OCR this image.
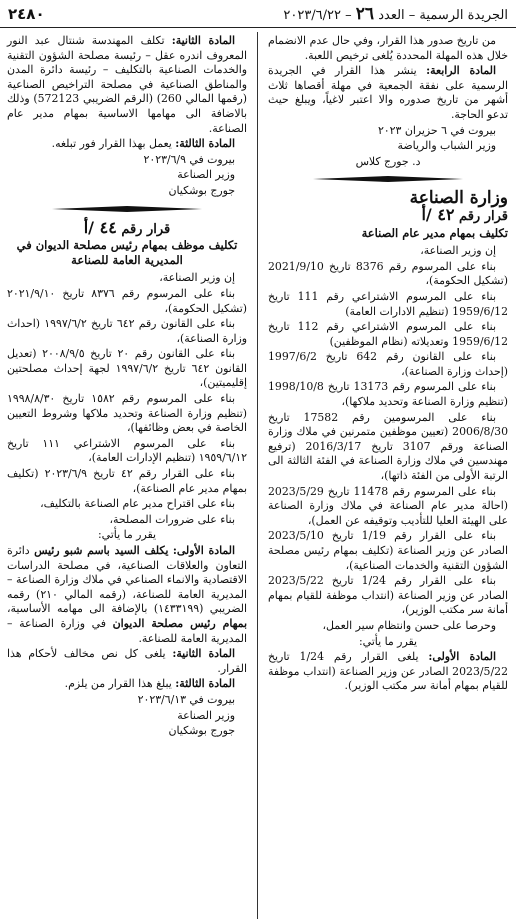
الجريدة الرسمية – العدد ٢٦ – ٢٠٢٣/٦/٢٢
٢٤٨٠

من تاريخ صدور هذا القرار، وفي حال عدم الانضمام خلال هذه المهلة المحددة يُلغى ترخيص اللعبة.

المادة الرابعة: ينشر هذا القرار في الجريدة الرسمية على نفقة الجمعية في مهلة أقصاها ثلاث أشهر من تاريخ صدوره والا اعتبر لاغياً، ويبلغ حيث تدعو الحاجة.

بيروت في ٦ حزيران ٢٠٢٣

وزير الشباب والرياضة

د. جورج كلاس

وزارة الصناعة
قرار رقم ٤٢ /أ
تكليف بمهام مدير عام الصناعة

إن وزير الصناعة،

بناء على المرسوم رقم 8376 تاريخ 2021/9/10 (تشكيل الحكومة)،

بناء على المرسوم الاشتراعي رقم 111 تاريخ 1959/6/12 (تنظيم الادارات العامة)

بناء على المرسوم الاشتراعي رقم 112 تاريخ 1959/6/12 وتعديلاته (نظام الموظفين)

بناء على القانون رقم 642 تاريخ 1997/6/2 (إحداث وزارة الصناعة)،

بناء على المرسوم رقم 13173 تاريخ 1998/10/8 (تنظيم وزارة الصناعة وتحديد ملاكها)،

بناء على المرسومين رقم 17582 تاريخ 2006/8/30 (تعيين موظفين متمرنين في ملاك وزارة الصناعة ورقم 3107 تاريخ 2016/3/17 (ترفيع مهندسين في ملاك وزارة الصناعة في الفئة الثالثة الى الرتبة الأولى من الفئة ذاتها)،

بناء على المرسوم رقم 11478 تاريخ 2023/5/29 (احالة مدير عام الصناعة في ملاك وزارة الصناعة على الهيئة العليا للتأديب وتوقيفه عن العمل)،

بناء على القرار رقم 1/19 تاريخ 2023/5/10 الصادر عن وزير الصناعة (تكليف بمهام رئيس مصلحة الشؤون التقنية والخدمات الصناعية)،

بناء على القرار رقم 1/24 تاريخ 2023/5/22 الصادر عن وزير الصناعة (انتداب موظفة للقيام بمهام أمانة سر مكتب الوزير)،

وحرصا على حسن وانتظام سير العمل،

يقرر ما يأتي:

المادة الأولى: يلغى القرار رقم 1/24 تاريخ 2023/5/22 الصادر عن وزير الصناعة (انتداب موظفة للقيام بمهام أمانة سر مكتب الوزير).

المادة الثانية: تكلف المهندسة شنتال عبد النور المعروف اندره عقل – رئيسة مصلحة الشؤون التقنية والخدمات الصناعية بالتكليف – رئيسة دائرة المدن والمناطق الصناعية في مصلحة التراخيص الصناعية (رقمها المالي 260) (الرقم الضريبي 572123) وذلك بالاضافة الى مهامها الاساسية بمهام مدير عام الصناعة.

المادة الثالثة: يعمل بهذا القرار فور تبلغه.

بيروت في ٢٠٢٣/٦/٩

وزير الصناعة

جورج بوشكيان

قرار رقم ٤٤ /أ
تكليف موظف بمهام رئيس مصلحة الديوان في المديرية العامة للصناعة

إن وزير الصناعة،

بناء على المرسوم رقم ٨٣٧٦ تاريخ ٢٠٢١/٩/١٠ (تشكيل الحكومة)،

بناء على القانون رقم ٦٤٢ تاريخ ١٩٩٧/٦/٢ (احداث وزارة الصناعة)،

بناء على القانون رقم ٢٠ تاريخ ٢٠٠٨/٩/٥ (تعديل القانون ٦٤٢ تاريخ ١٩٩٧/٦/٢ لجهة إحداث مصلحتين إقليميتين)،

بناء على المرسوم رقم ١٥٨٢ تاريخ ١٩٩٨/٨/٣٠ (تنظيم وزارة الصناعة وتحديد ملاكها وشروط التعيين الخاصة في بعض وظائفها)،

بناء على المرسوم الاشتراعي ١١١ تاريخ ١٩٥٩/٦/١٢ (تنظيم الإدارات العامة)،

بناء على القرار رقم ٤٢ تاريخ ٢٠٢٣/٦/٩ (تكليف بمهام مدير عام الصناعة)،

بناء على اقتراح مدير عام الصناعة بالتكليف،

بناء على ضرورات المصلحة،

يقرر ما يأتي:

المادة الأولى: يكلف السيد باسم شبو رئيس دائرة التعاون والعلاقات الصناعية، في مصلحة الدراسات الاقتصادية والانماء الصناعي في ملاك وزارة الصناعة – المديرية العامة للصناعة، (رقمه المالي ٢١٠) رقمه الضريبي (١٤٣٣١٩٩) بالإضافة الى مهامه الأساسية، بمهام رئيس مصلحة الديوان في وزارة الصناعة – المديرية العامة للصناعة.

المادة الثانية: يلغى كل نص مخالف لأحكام هذا القرار.

المادة الثالثة: يبلغ هذا القرار من يلزم.

بيروت في ٢٠٢٣/٦/١٣

وزير الصناعة

جورج بوشكيان
